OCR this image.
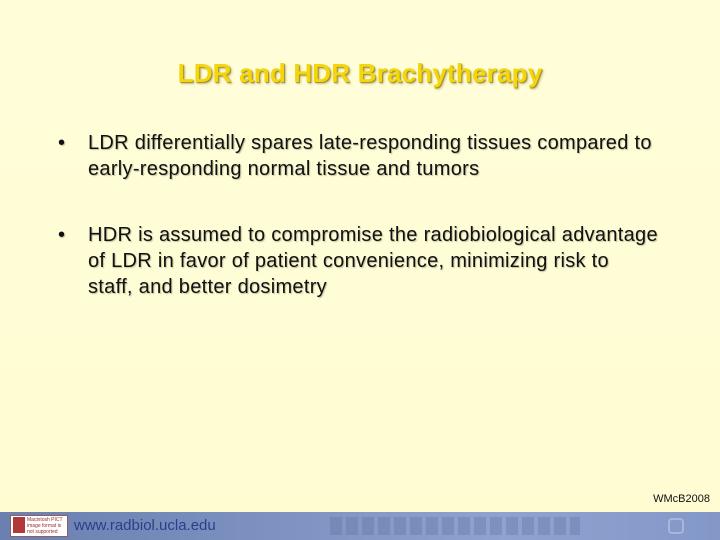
LDR and HDR Brachytherapy
•	LDR differentially spares late-responding tissues compared to early-responding normal tissue and tumors
•	HDR is assumed to compromise the radiobiological advantage of LDR in favor of patient convenience, minimizing risk to staff, and better dosimetry
WMcB2008
Macintosh PICT image format is not supported	www.radbiol.ucla.edu
